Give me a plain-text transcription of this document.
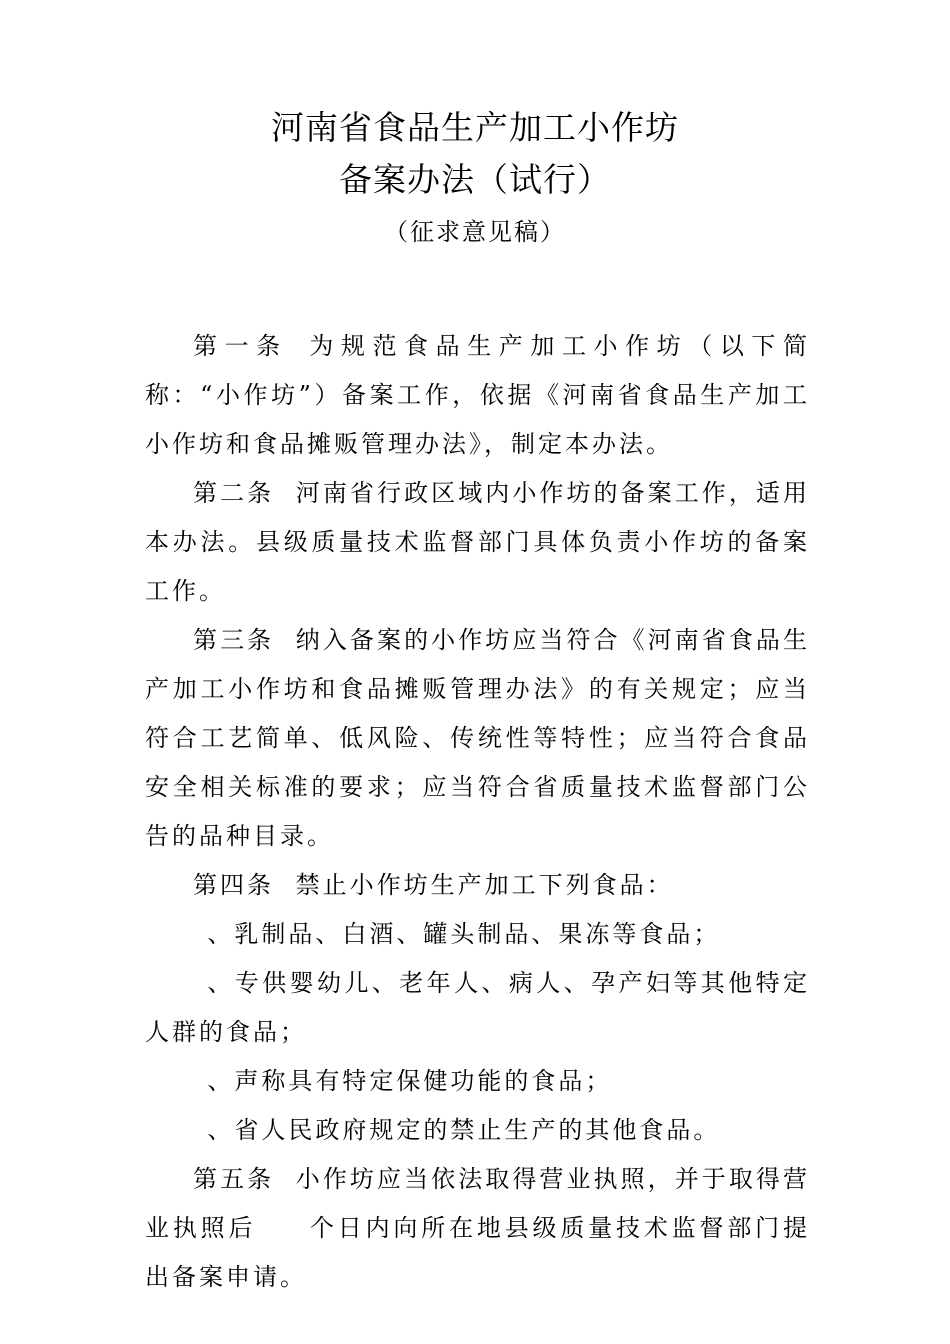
河南省食品生产加工小作坊
备案办法（试行）
（征求意见稿）

第一条 为规范食品生产加工小作坊（以下简称：“小作坊”）备案工作，依据《河南省食品生产加工小作坊和食品摊贩管理办法》，制定本办法。

第二条 河南省行政区域内小作坊的备案工作，适用本办法。县级质量技术监督部门具体负责小作坊的备案工作。

第三条 纳入备案的小作坊应当符合《河南省食品生产加工小作坊和食品摊贩管理办法》的有关规定；应当符合工艺简单、低风险、传统性等特性；应当符合食品安全相关标准的要求；应当符合省质量技术监督部门公告的品种目录。

第四条 禁止小作坊生产加工下列食品：

、乳制品、白酒、罐头制品、果冻等食品；

、专供婴幼儿、老年人、病人、孕产妇等其他特定人群的食品；

、声称具有特定保健功能的食品；

、省人民政府规定的禁止生产的其他食品。

第五条 小作坊应当依法取得营业执照，并于取得营业执照后 个日内向所在地县级质量技术监督部门提出备案申请。
